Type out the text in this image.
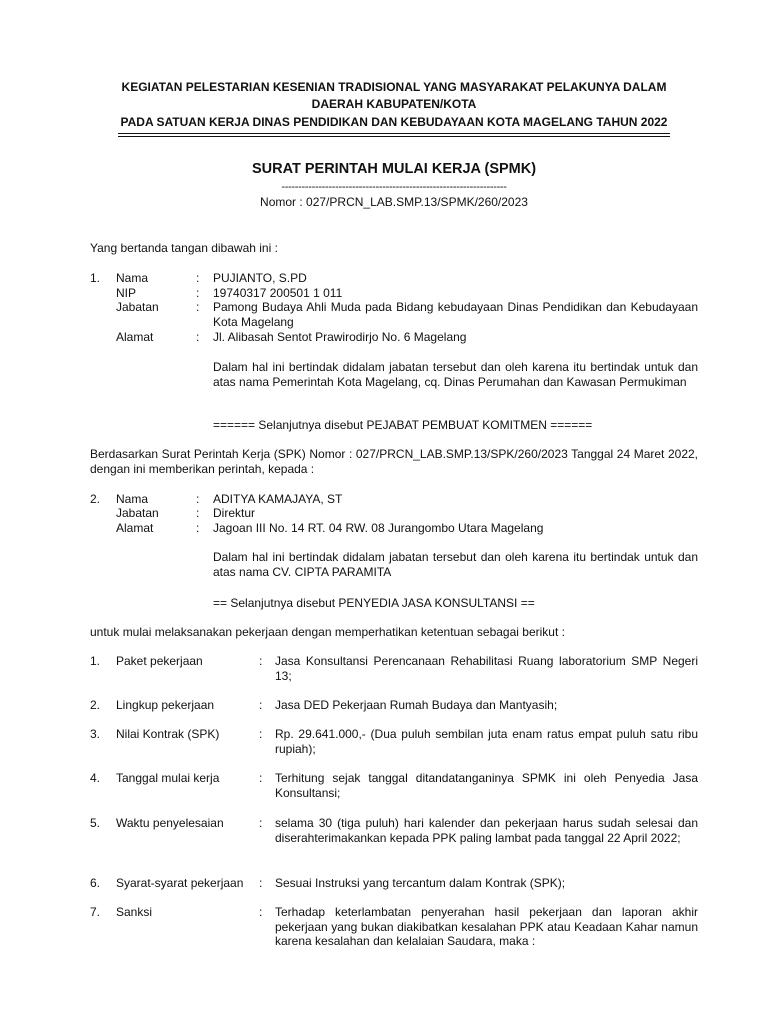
KEGIATAN PELESTARIAN KESENIAN TRADISIONAL YANG MASYARAKAT PELAKUNYA DALAM
DAERAH KABUPATEN/KOTA
PADA SATUAN KERJA DINAS PENDIDIKAN DAN KEBUDAYAAN KOTA MAGELANG TAHUN 2022
SURAT PERINTAH MULAI KERJA (SPMK)
-------------------------------------------------------------------
Nomor : 027/PRCN_LAB.SMP.13/SPMK/260/2023
Yang bertanda tangan dibawah ini :
1. Nama	: PUJIANTO, S.PD
NIP	: 19740317 200501 1 011
Jabatan	: Pamong Budaya Ahli Muda pada Bidang kebudayaan Dinas Pendidikan dan Kebudayaan Kota Magelang
Alamat	: Jl. Alibasah Sentot Prawirodirjo No. 6 Magelang
Dalam hal ini bertindak didalam jabatan tersebut dan oleh karena itu bertindak untuk dan atas nama Pemerintah Kota Magelang, cq. Dinas Perumahan dan Kawasan Permukiman
====== Selanjutnya disebut PEJABAT PEMBUAT KOMITMEN ======
Berdasarkan Surat Perintah Kerja (SPK) Nomor : 027/PRCN_LAB.SMP.13/SPK/260/2023 Tanggal 24 Maret 2022, dengan ini memberikan perintah, kepada :
2. Nama	: ADITYA KAMAJAYA, ST
Jabatan	: Direktur
Alamat	: Jagoan III No. 14 RT. 04 RW. 08 Jurangombo Utara Magelang
Dalam hal ini bertindak didalam jabatan tersebut dan oleh karena itu bertindak untuk dan atas nama CV. CIPTA PARAMITA
== Selanjutnya disebut PENYEDIA JASA KONSULTANSI ==
untuk mulai melaksanakan pekerjaan dengan memperhatikan ketentuan sebagai berikut :
1. Paket pekerjaan	: Jasa Konsultansi Perencanaan Rehabilitasi Ruang laboratorium SMP Negeri 13;
2. Lingkup pekerjaan	: Jasa DED Pekerjaan Rumah Budaya dan Mantyasih;
3. Nilai Kontrak (SPK)	: Rp. 29.641.000,- (Dua puluh sembilan juta enam ratus empat puluh satu ribu rupiah);
4. Tanggal mulai kerja	: Terhitung sejak tanggal ditandatanganinya SPMK ini oleh Penyedia Jasa Konsultansi;
5. Waktu penyelesaian	: selama 30 (tiga puluh) hari kalender dan pekerjaan harus sudah selesai dan diserahterimakankan kepada PPK paling lambat pada tanggal 22 April 2022;
6. Syarat-syarat pekerjaan : Sesuai Instruksi yang tercantum dalam Kontrak (SPK);
7. Sanksi	: Terhadap keterlambatan penyerahan hasil pekerjaan dan laporan akhir pekerjaan yang bukan diakibatkan kesalahan PPK atau Keadaan Kahar namun karena kesalahan dan kelalaian Saudara, maka :
